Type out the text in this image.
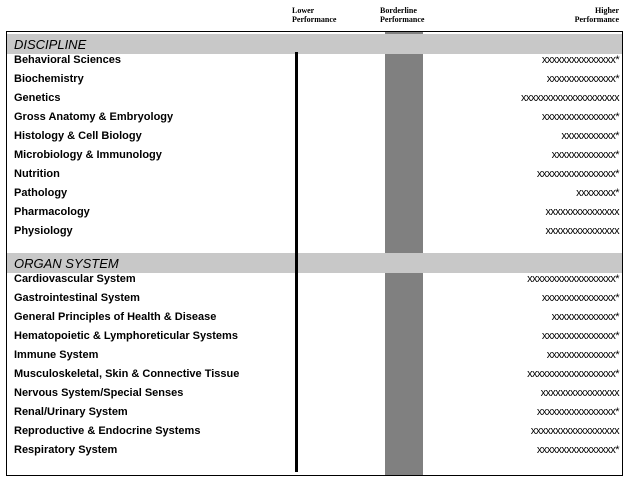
Lower
Performance
Borderline
Performance
Higher
Performance
DISCIPLINE
ORGAN SYSTEM
Behavioral Sciences	xxxxxxxxxxxxxxx*
Biochemistry	xxxxxxxxxxxxxx*
Genetics	xxxxxxxxxxxxxxxxxxxx
Gross Anatomy & Embryology	xxxxxxxxxxxxxxx*
Histology & Cell Biology	xxxxxxxxxxx*
Microbiology & Immunology	xxxxxxxxxxxxx*
Nutrition	xxxxxxxxxxxxxxxx*
Pathology	xxxxxxxx*
Pharmacology	xxxxxxxxxxxxxxx
Physiology	xxxxxxxxxxxxxxx
Cardiovascular System	xxxxxxxxxxxxxxxxxx*
Gastrointestinal System	xxxxxxxxxxxxxxx*
General Principles of Health & Disease	xxxxxxxxxxxxx*
Hematopoietic & Lymphoreticular Systems	xxxxxxxxxxxxxxx*
Immune System	xxxxxxxxxxxxxx*
Musculoskeletal, Skin & Connective Tissue	xxxxxxxxxxxxxxxxxx*
Nervous System/Special Senses	xxxxxxxxxxxxxxxx
Renal/Urinary System	xxxxxxxxxxxxxxxx*
Reproductive & Endocrine Systems	xxxxxxxxxxxxxxxxxx
Respiratory System	xxxxxxxxxxxxxxxx*
